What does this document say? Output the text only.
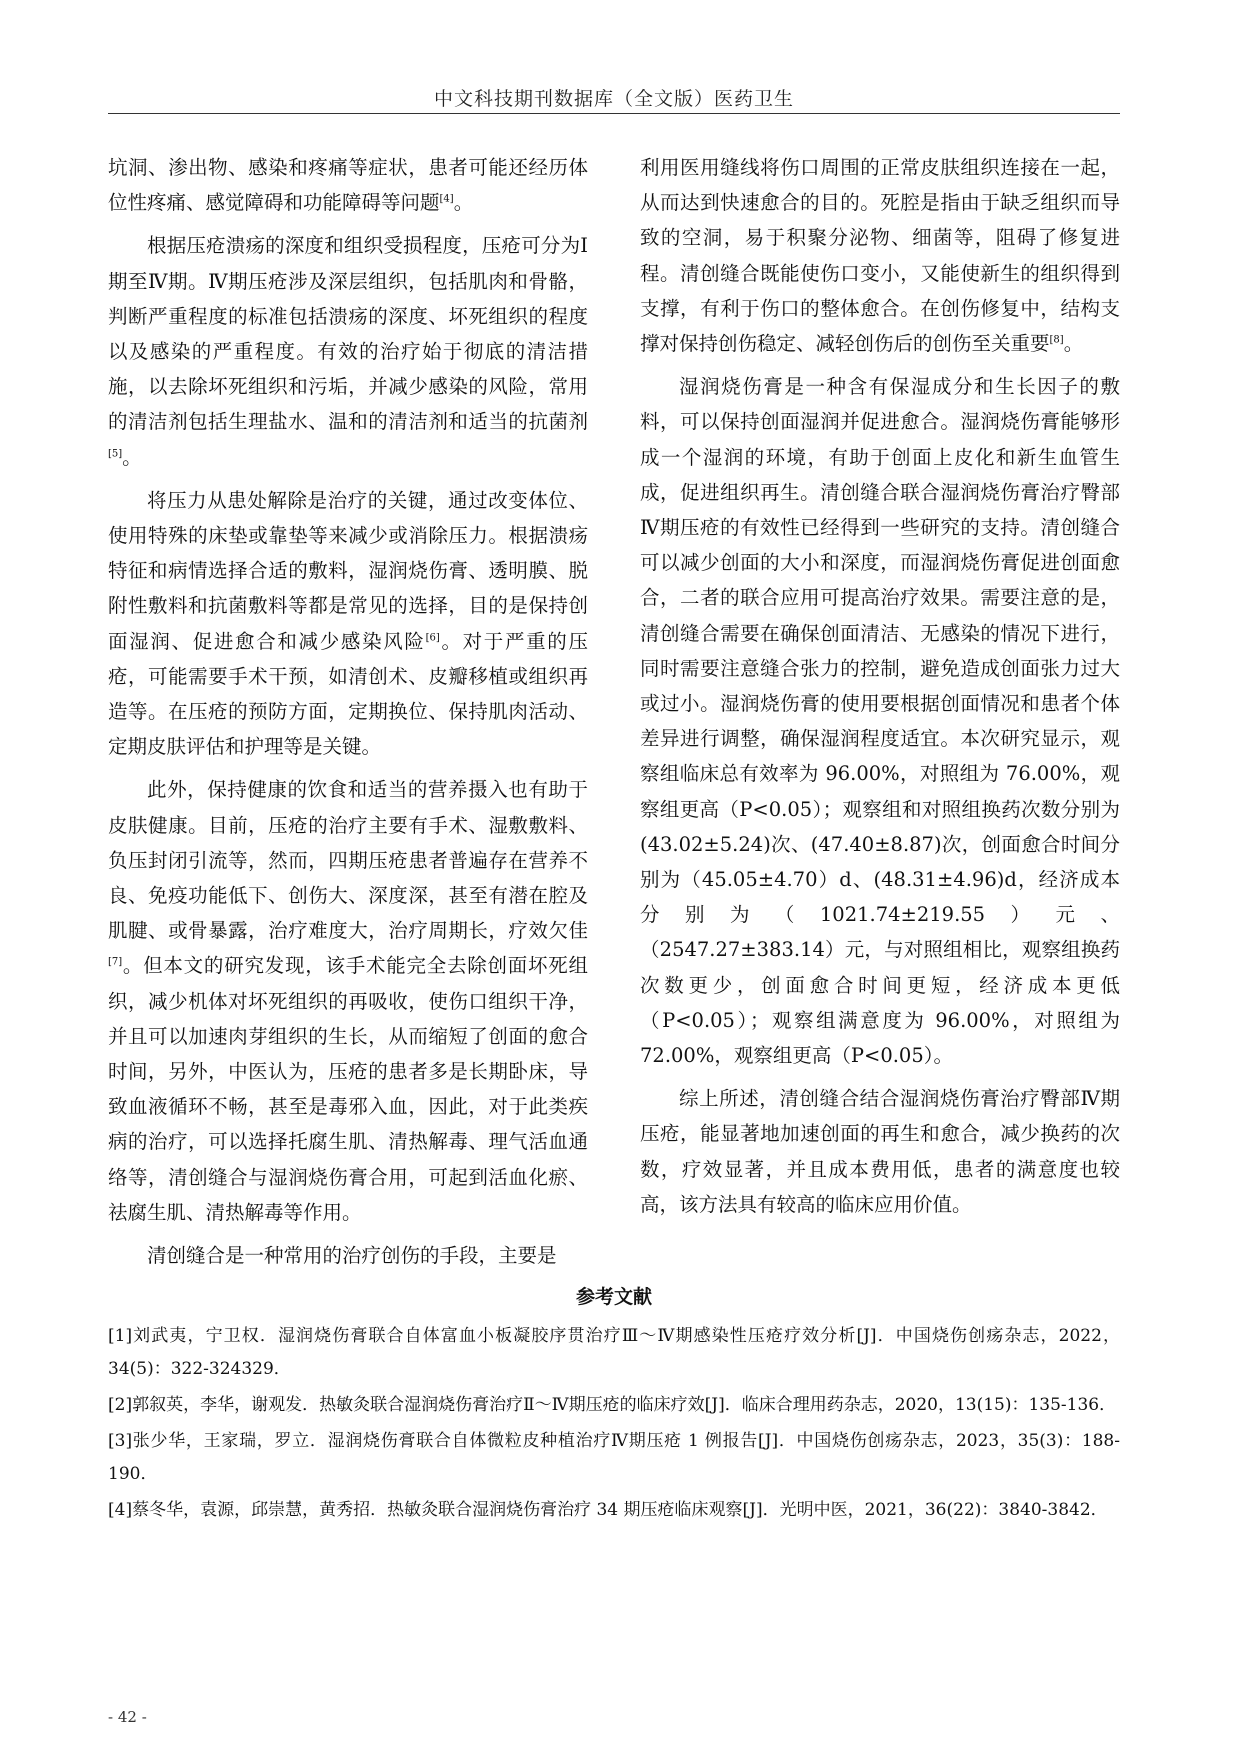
中文科技期刊数据库（全文版）医药卫生

坑洞、渗出物、感染和疼痛等症状，患者可能还经历体位性疼痛、感觉障碍和功能障碍等问题[4]。

根据压疮溃疡的深度和组织受损程度，压疮可分为Ⅰ期至Ⅳ期。Ⅳ期压疮涉及深层组织，包括肌肉和骨骼，判断严重程度的标准包括溃疡的深度、坏死组织的程度以及感染的严重程度。有效的治疗始于彻底的清洁措施，以去除坏死组织和污垢，并减少感染的风险，常用的清洁剂包括生理盐水、温和的清洁剂和适当的抗菌剂[5]。

将压力从患处解除是治疗的关键，通过改变体位、使用特殊的床垫或靠垫等来减少或消除压力。根据溃疡特征和病情选择合适的敷料，湿润烧伤膏、透明膜、脱附性敷料和抗菌敷料等都是常见的选择，目的是保持创面湿润、促进愈合和减少感染风险[6]。对于严重的压疮，可能需要手术干预，如清创术、皮瓣移植或组织再造等。在压疮的预防方面，定期换位、保持肌肉活动、定期皮肤评估和护理等是关键。

此外，保持健康的饮食和适当的营养摄入也有助于皮肤健康。目前，压疮的治疗主要有手术、湿敷敷料、负压封闭引流等，然而，四期压疮患者普遍存在营养不良、免疫功能低下、创伤大、深度深，甚至有潜在腔及肌腱、或骨暴露，治疗难度大，治疗周期长，疗效欠佳[7]。但本文的研究发现，该手术能完全去除创面坏死组织，减少机体对坏死组织的再吸收，使伤口组织干净，并且可以加速肉芽组织的生长，从而缩短了创面的愈合时间，另外，中医认为，压疮的患者多是长期卧床，导致血液循环不畅，甚至是毒邪入血，因此，对于此类疾病的治疗，可以选择托腐生肌、清热解毒、理气活血通络等，清创缝合与湿润烧伤膏合用，可起到活血化瘀、祛腐生肌、清热解毒等作用。

清创缝合是一种常用的治疗创伤的手段，主要是

利用医用缝线将伤口周围的正常皮肤组织连接在一起，从而达到快速愈合的目的。死腔是指由于缺乏组织而导致的空洞，易于积聚分泌物、细菌等，阻碍了修复进程。清创缝合既能使伤口变小，又能使新生的组织得到支撑，有利于伤口的整体愈合。在创伤修复中，结构支撑对保持创伤稳定、减轻创伤后的创伤至关重要[8]。

湿润烧伤膏是一种含有保湿成分和生长因子的敷料，可以保持创面湿润并促进愈合。湿润烧伤膏能够形成一个湿润的环境，有助于创面上皮化和新生血管生成，促进组织再生。清创缝合联合湿润烧伤膏治疗臀部Ⅳ期压疮的有效性已经得到一些研究的支持。清创缝合可以减少创面的大小和深度，而湿润烧伤膏促进创面愈合，二者的联合应用可提高治疗效果。需要注意的是，清创缝合需要在确保创面清洁、无感染的情况下进行，同时需要注意缝合张力的控制，避免造成创面张力过大或过小。湿润烧伤膏的使用要根据创面情况和患者个体差异进行调整，确保湿润程度适宜。本次研究显示，观察组临床总有效率为 96.00%，对照组为 76.00%，观察组更高（P<0.05）；观察组和对照组换药次数分别为(43.02±5.24)次、(47.40±8.87)次，创面愈合时间分别为（45.05±4.70）d、(48.31±4.96)d，经济成本分别为（1021.74±219.55）元、（2547.27±383.14）元，与对照组相比，观察组换药次数更少，创面愈合时间更短，经济成本更低（P<0.05）；观察组满意度为 96.00%，对照组为 72.00%，观察组更高（P<0.05）。

综上所述，清创缝合结合湿润烧伤膏治疗臀部Ⅳ期压疮，能显著地加速创面的再生和愈合，减少换药的次数，疗效显著，并且成本费用低，患者的满意度也较高，该方法具有较高的临床应用价值。

参考文献
[1]刘武夷，宁卫权．湿润烧伤膏联合自体富血小板凝胶序贯治疗Ⅲ～Ⅳ期感染性压疮疗效分析[J]．中国烧伤创疡杂志，2022，34(5)：322-324329．
[2]郭叙英，李华，谢观发．热敏灸联合湿润烧伤膏治疗Ⅱ～Ⅳ期压疮的临床疗效[J]．临床合理用药杂志，2020，13(15)：135-136．
[3]张少华，王家瑞，罗立．湿润烧伤膏联合自体微粒皮种植治疗Ⅳ期压疮 1 例报告[J]．中国烧伤创疡杂志，2023，35(3)：188-190．
[4]蔡冬华，袁源，邱崇慧，黄秀招．热敏灸联合湿润烧伤膏治疗 34 期压疮临床观察[J]．光明中医，2021，36(22)：3840-3842．
- 42 -
